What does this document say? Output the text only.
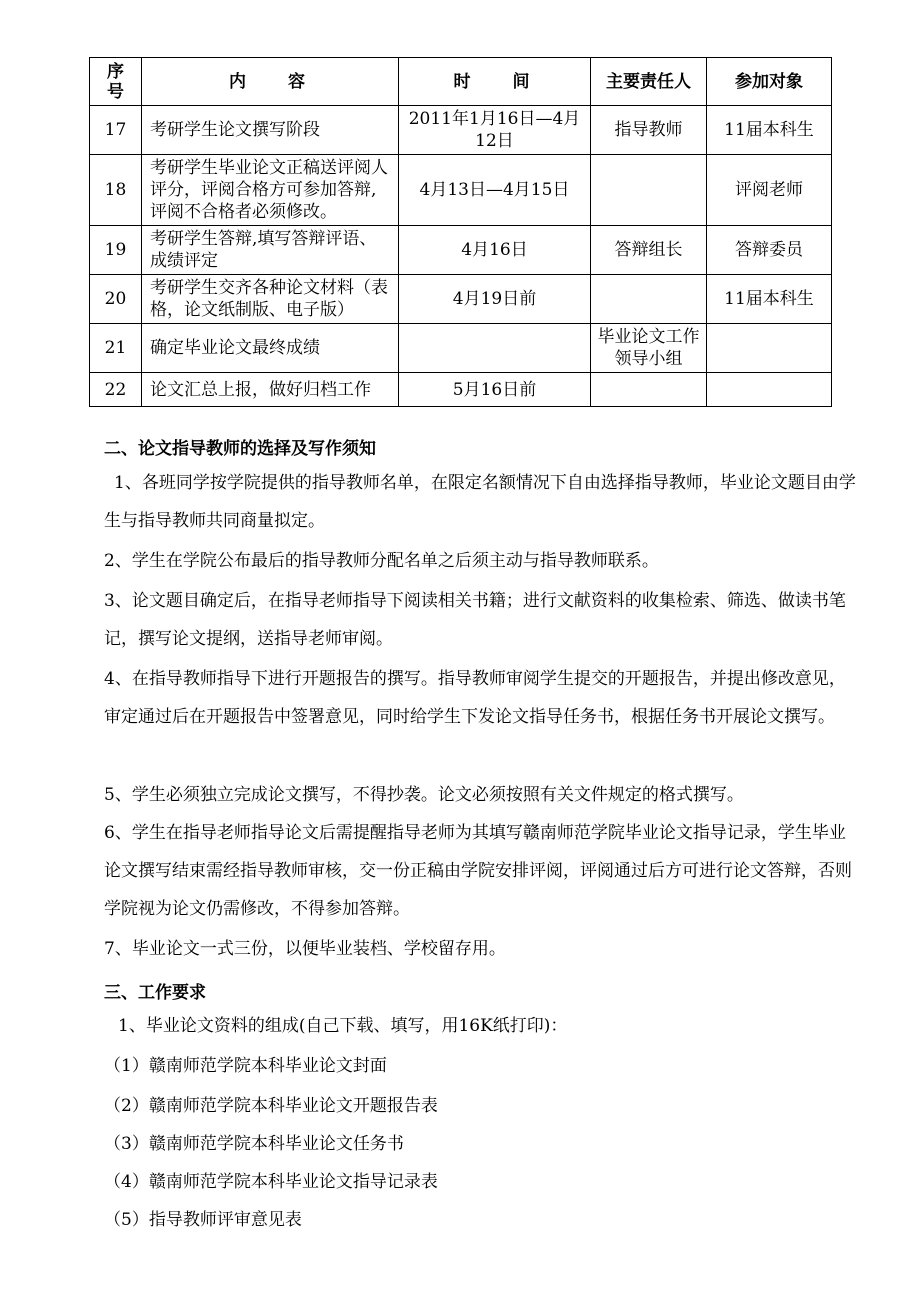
序号	内容	时间	主要责任人	参加对象
17	考研学生论文撰写阶段	2011年1月16日—4月12日	指导教师	11届本科生
18	考研学生毕业论文正稿送评阅人评分，评阅合格方可参加答辩,评阅不合格者必须修改。	4月13日—4月15日		评阅老师
19	考研学生答辩,填写答辩评语、成绩评定	4月16日	答辩组长	答辩委员
20	考研学生交齐各种论文材料（表格，论文纸制版、电子版）	4月19日前		11届本科生
21	确定毕业论文最终成绩		毕业论文工作领导小组	
22	论文汇总上报，做好归档工作	5月16日前		
二、论文指导教师的选择及写作须知
1、各班同学按学院提供的指导教师名单，在限定名额情况下自由选择指导教师，毕业论文题目由学生与指导教师共同商量拟定。
2、学生在学院公布最后的指导教师分配名单之后须主动与指导教师联系。
3、论文题目确定后，在指导老师指导下阅读相关书籍；进行文献资料的收集检索、筛选、做读书笔记，撰写论文提纲，送指导老师审阅。
4、在指导教师指导下进行开题报告的撰写。指导教师审阅学生提交的开题报告，并提出修改意见，审定通过后在开题报告中签署意见，同时给学生下发论文指导任务书，根据任务书开展论文撰写。
5、学生必须独立完成论文撰写，不得抄袭。论文必须按照有关文件规定的格式撰写。
6、学生在指导老师指导论文后需提醒指导老师为其填写赣南师范学院毕业论文指导记录，学生毕业论文撰写结束需经指导教师审核，交一份正稿由学院安排评阅，评阅通过后方可进行论文答辩，否则学院视为论文仍需修改，不得参加答辩。
7、毕业论文一式三份，以便毕业装档、学校留存用。
三、工作要求
1、毕业论文资料的组成(自己下载、填写，用16K纸打印)：
（1）赣南师范学院本科毕业论文封面
（2）赣南师范学院本科毕业论文开题报告表
（3）赣南师范学院本科毕业论文任务书
（4）赣南师范学院本科毕业论文指导记录表
（5）指导教师评审意见表
